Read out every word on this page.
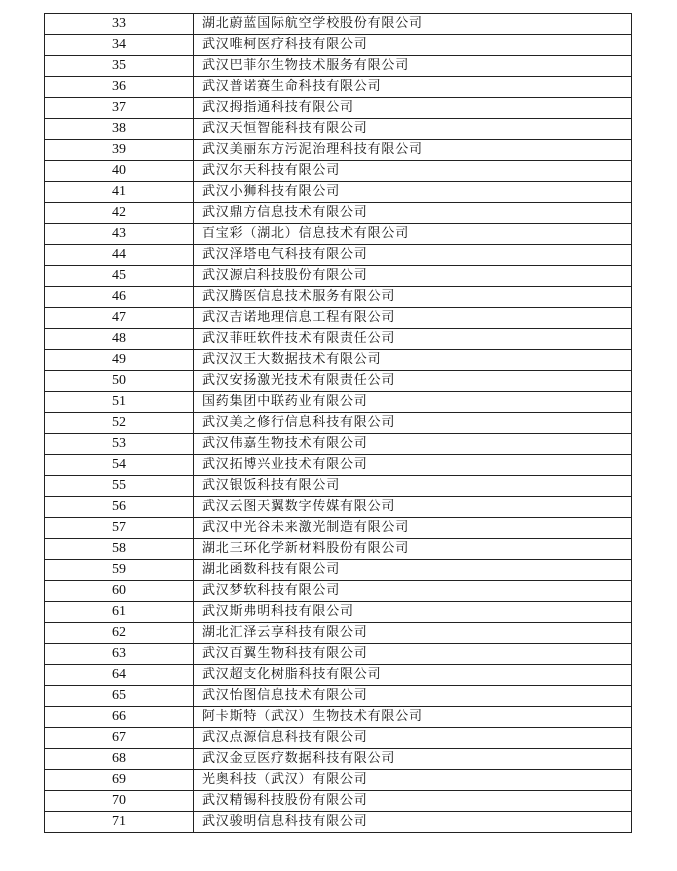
33	湖北蔚蓝国际航空学校股份有限公司
34	武汉唯柯医疗科技有限公司
35	武汉巴菲尔生物技术服务有限公司
36	武汉普诺赛生命科技有限公司
37	武汉拇指通科技有限公司
38	武汉天恒智能科技有限公司
39	武汉美丽东方污泥治理科技有限公司
40	武汉尔天科技有限公司
41	武汉小狮科技有限公司
42	武汉鼎方信息技术有限公司
43	百宝彩（湖北）信息技术有限公司
44	武汉泽塔电气科技有限公司
45	武汉源启科技股份有限公司
46	武汉腾医信息技术服务有限公司
47	武汉吉诺地理信息工程有限公司
48	武汉菲旺软件技术有限责任公司
49	武汉汉王大数据技术有限公司
50	武汉安扬激光技术有限责任公司
51	国药集团中联药业有限公司
52	武汉美之修行信息科技有限公司
53	武汉伟嘉生物技术有限公司
54	武汉拓博兴业技术有限公司
55	武汉银饭科技有限公司
56	武汉云图天翼数字传媒有限公司
57	武汉中光谷未来激光制造有限公司
58	湖北三环化学新材料股份有限公司
59	湖北函数科技有限公司
60	武汉梦软科技有限公司
61	武汉斯弗明科技有限公司
62	湖北汇泽云享科技有限公司
63	武汉百翼生物科技有限公司
64	武汉超支化树脂科技有限公司
65	武汉怡图信息技术有限公司
66	阿卡斯特（武汉）生物技术有限公司
67	武汉点源信息科技有限公司
68	武汉金豆医疗数据科技有限公司
69	光奥科技（武汉）有限公司
70	武汉精锡科技股份有限公司
71	武汉骏明信息科技有限公司
